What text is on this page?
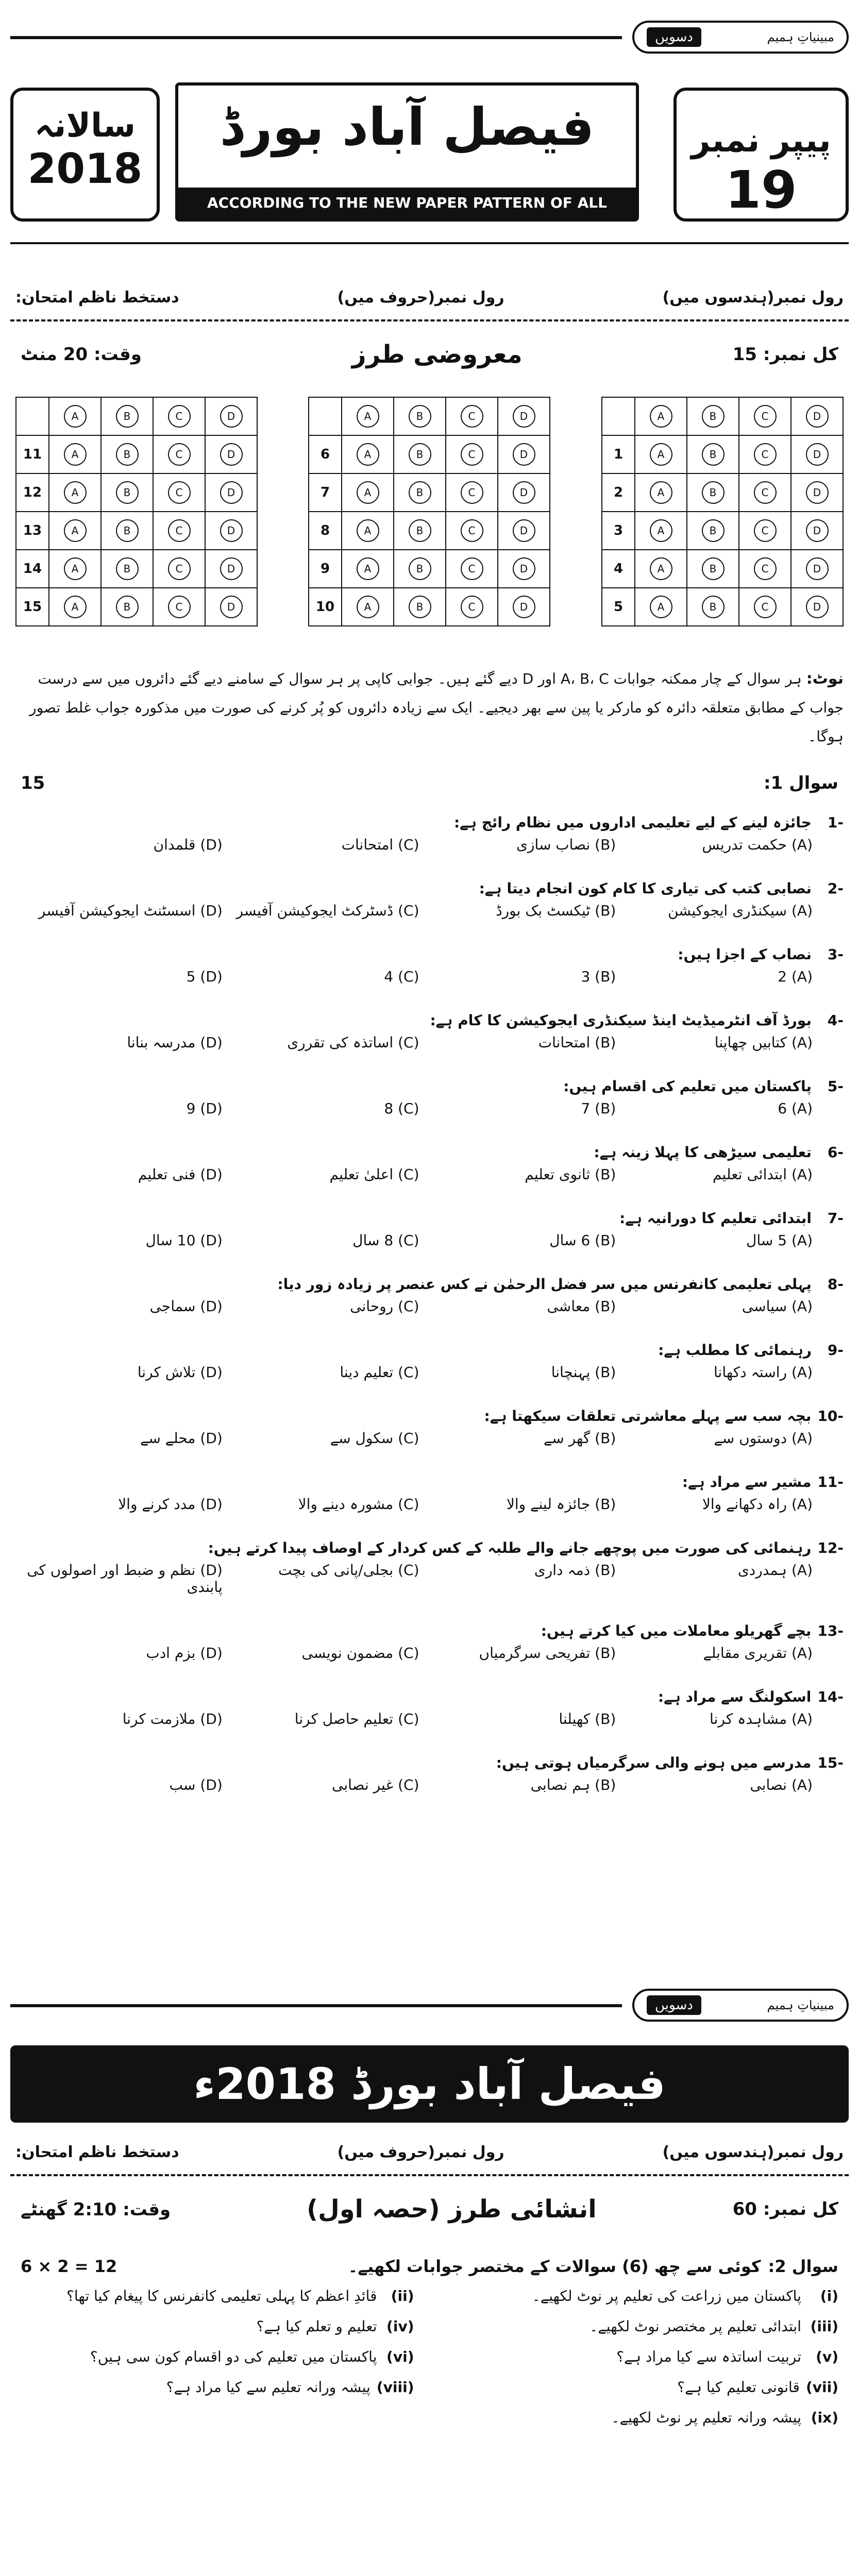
مبینیاتِ ہمیم
دسویں
سالانہ
2018
فیصل آباد بورڈ
ACCORDING TO THE NEW PAPER PATTERN OF ALL BOARDS
پیپر نمبر
19
رول نمبر(ہندسوں میں)
رول نمبر(حروف میں)
دستخط ناظم امتحان:
کل نمبر: 15
معروضی طرز
وقت: 20 منٹ
	A	B	C	D
1	A	B	C	D
2	A	B	C	D
3	A	B	C	D
4	A	B	C	D
5	A	B	C	D
	A	B	C	D
6	A	B	C	D
7	A	B	C	D
8	A	B	C	D
9	A	B	C	D
10	A	B	C	D
	A	B	C	D
11	A	B	C	D
12	A	B	C	D
13	A	B	C	D
14	A	B	C	D
15	A	B	C	D
نوٹ: ہر سوال کے چار ممکنہ جوابات A، B، C اور D دیے گئے ہیں۔ جوابی کاپی پر ہر سوال کے سامنے دیے گئے دائروں میں سے درست جواب کے مطابق متعلقہ دائرہ کو مارکر یا پین سے بھر دیجیے۔ ایک سے زیادہ دائروں کو پُر کرنے کی صورت میں مذکورہ جواب غلط تصور ہوگا۔
سوال 1:
15
-1
جائزہ لینے کے لیے تعلیمی اداروں میں نظام رائج ہے:
(A) حکمت تدریس
(B) نصاب سازی
(C) امتحانات
(D) قلمدان
-2
نصابی کتب کی تیاری کا کام کون انجام دیتا ہے:
(A) سیکنڈری ایجوکیشن
(B) ٹیکسٹ بک بورڈ
(C) ڈسٹرکٹ ایجوکیشن آفیسر
(D) اسسٹنٹ ایجوکیشن آفیسر
-3
نصاب کے اجزا ہیں:
(A) 2
(B) 3
(C) 4
(D) 5
-4
بورڈ آف انٹرمیڈیٹ اینڈ سیکنڈری ایجوکیشن کا کام ہے:
(A) کتابیں چھاپنا
(B) امتحانات
(C) اساتذہ کی تقرری
(D) مدرسہ بنانا
-5
پاکستان میں تعلیم کی اقسام ہیں:
(A) 6
(B) 7
(C) 8
(D) 9
-6
تعلیمی سیڑھی کا پہلا زینہ ہے:
(A) ابتدائی تعلیم
(B) ثانوی تعلیم
(C) اعلیٰ تعلیم
(D) فنی تعلیم
-7
ابتدائی تعلیم کا دورانیہ ہے:
(A) 5 سال
(B) 6 سال
(C) 8 سال
(D) 10 سال
-8
پہلی تعلیمی کانفرنس میں سر فضل الرحمٰن نے کس عنصر پر زیادہ زور دیا:
(A) سیاسی
(B) معاشی
(C) روحانی
(D) سماجی
-9
رہنمائی کا مطلب ہے:
(A) راستہ دکھانا
(B) پہنچانا
(C) تعلیم دینا
(D) تلاش کرنا
-10
بچہ سب سے پہلے معاشرتی تعلقات سیکھتا ہے:
(A) دوستوں سے
(B) گھر سے
(C) سکول سے
(D) محلے سے
-11
مشیر سے مراد ہے:
(A) راہ دکھانے والا
(B) جائزہ لینے والا
(C) مشورہ دینے والا
(D) مدد کرنے والا
-12
رہنمائی کی صورت میں پوچھے جانے والے طلبہ کے کس کردار کے اوصاف پیدا کرتے ہیں:
(A) ہمدردی
(B) ذمہ داری
(C) بجلی/پانی کی بچت
(D) نظم و ضبط اور اصولوں کی پابندی
-13
بچے گھریلو معاملات میں کیا کرتے ہیں:
(A) تقریری مقابلے
(B) تفریحی سرگرمیاں
(C) مضمون نویسی
(D) بزم ادب
-14
اسکولنگ سے مراد ہے:
(A) مشاہدہ کرنا
(B) کھیلنا
(C) تعلیم حاصل کرنا
(D) ملازمت کرنا
-15
مدرسے میں ہونے والی سرگرمیاں ہوتی ہیں:
(A) نصابی
(B) ہم نصابی
(C) غیر نصابی
(D) سب
مبینیاتِ ہمیم
دسویں
فیصل آباد بورڈ 2018ء
رول نمبر(ہندسوں میں)
رول نمبر(حروف میں)
دستخط ناظم امتحان:
کل نمبر: 60
انشائی طرز (حصہ اول)
وقت: 2:10 گھنٹے
سوال 2:کوئی سے چھ (6) سوالات کے مختصر جوابات لکھیے۔
6 × 2 = 12
(i)
پاکستان میں زراعت کی تعلیم پر نوٹ لکھیے۔
(ii)
قائدِ اعظم کا پہلی تعلیمی کانفرنس کا پیغام کیا تھا؟
(iii)
ابتدائی تعلیم پر مختصر نوٹ لکھیے۔
(iv)
تعلیم و تعلم کیا ہے؟
(v)
تربیت اساتذہ سے کیا مراد ہے؟
(vi)
پاکستان میں تعلیم کی دو اقسام کون سی ہیں؟
(vii)
قانونی تعلیم کیا ہے؟
(viii)
پیشہ ورانہ تعلیم سے کیا مراد ہے؟
(ix)
پیشہ ورانہ تعلیم پر نوٹ لکھیے۔
